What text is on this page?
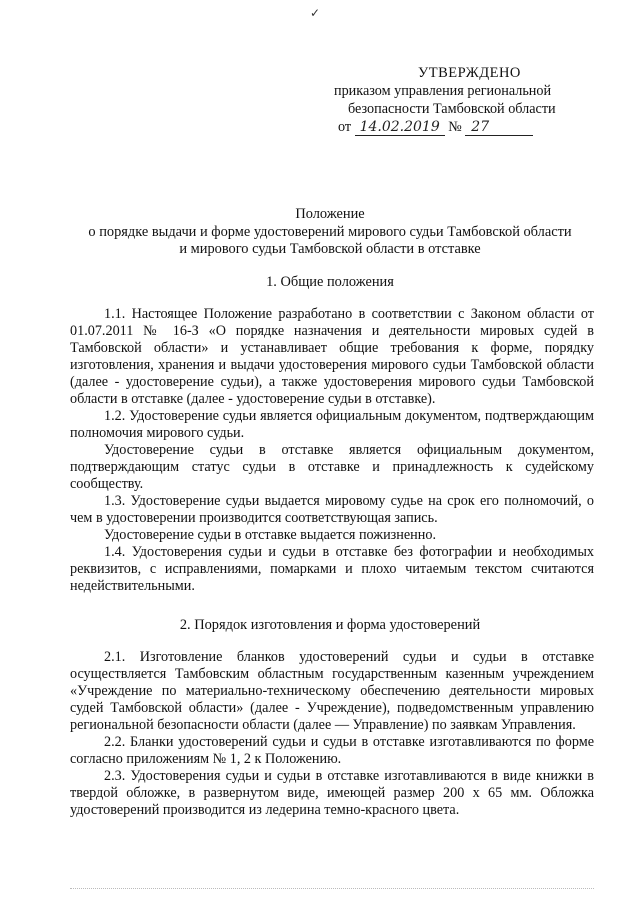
✓
УТВЕРЖДЕНО
приказом управления региональной
безопасности Тамбовской области
от 14.02.2019 № 27
Положение
о порядке выдачи и форме удостоверений мирового судьи Тамбовской области
и мирового судьи Тамбовской области в отставке
1. Общие положения

1.1. Настоящее Положение разработано в соответствии с Законом области от 01.07.2011 № 16-З «О порядке назначения и деятельности мировых судей в Тамбовской области» и устанавливает общие требования к форме, порядку изготовления, хранения и выдачи удостоверения мирового судьи Тамбовской области (далее - удостоверение судьи), а также удостоверения мирового судьи Тамбовской области в отставке (далее - удостоверение судьи в отставке).

1.2. Удостоверение судьи является официальным документом, подтверждающим полномочия мирового судьи.

Удостоверение судьи в отставке является официальным документом, подтверждающим статус судьи в отставке и принадлежность к судейскому сообществу.

1.3. Удостоверение судьи выдается мировому судье на срок его полномочий, о чем в удостоверении производится соответствующая запись.

Удостоверение судьи в отставке выдается пожизненно.

1.4. Удостоверения судьи и судьи в отставке без фотографии и необходимых реквизитов, с исправлениями, помарками и плохо читаемым текстом считаются недействительными.

2. Порядок изготовления и форма удостоверений

2.1. Изготовление бланков удостоверений судьи и судьи в отставке осуществляется Тамбовским областным государственным казенным учреждением «Учреждение по материально-техническому обеспечению деятельности мировых судей Тамбовской области» (далее - Учреждение), подведомственным управлению региональной безопасности области (далее — Управление) по заявкам Управления.

2.2. Бланки удостоверений судьи и судьи в отставке изготавливаются по форме согласно приложениям № 1, 2 к Положению.

2.3. Удостоверения судьи и судьи в отставке изготавливаются в виде книжки в твердой обложке, в развернутом виде, имеющей размер 200 x 65 мм. Обложка удостоверений производится из ледерина темно-красного цвета.
